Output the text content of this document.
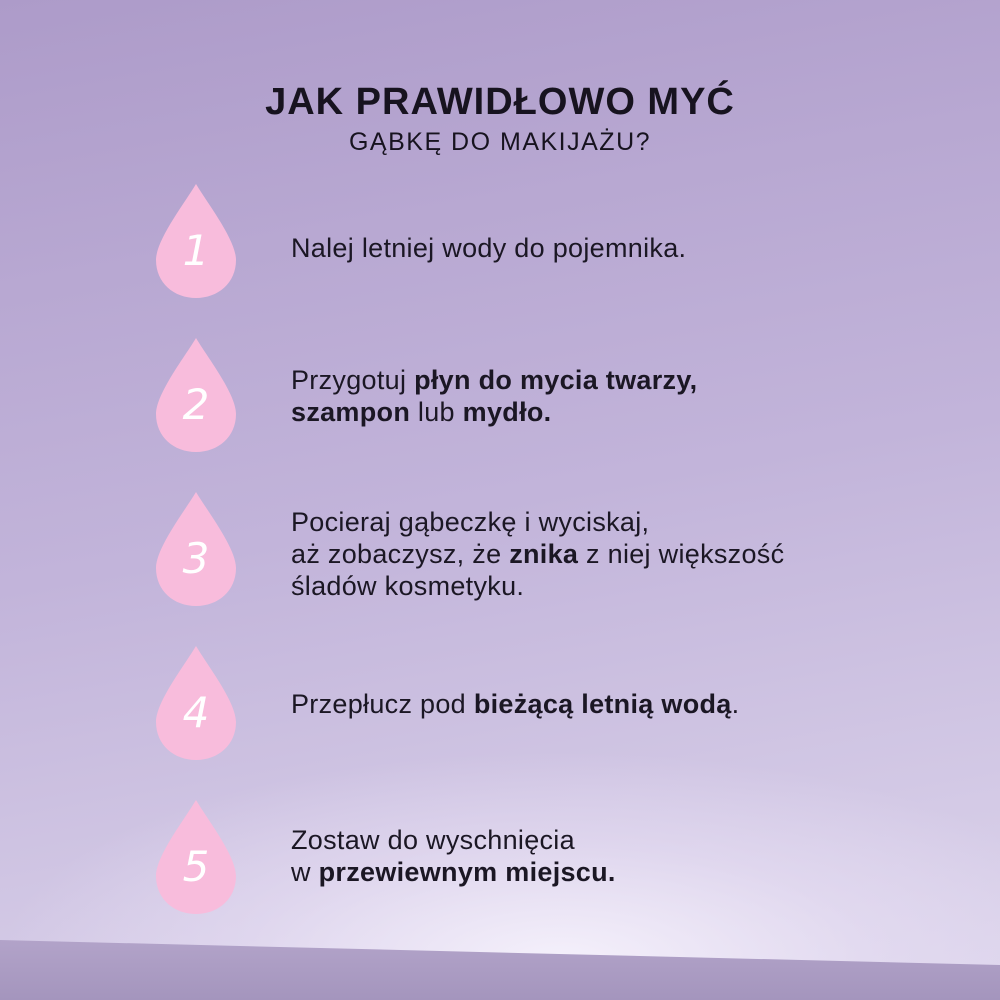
JAK PRAWIDŁOWO MYĆ
GĄBKĘ DO MAKIJAŻU?
1	Nalej letniej wody do pojemnika.
2	Przygotuj płyn do mycia twarzy,
szampon lub mydło.
3
Pocieraj gąbeczkę i wyciskaj,
aż zobaczysz, że znika z niej większość
śladów kosmetyku.
4	Przepłucz pod bieżącą letnią wodą.
5
Zostaw do wyschnięcia
w przewiewnym miejscu.
